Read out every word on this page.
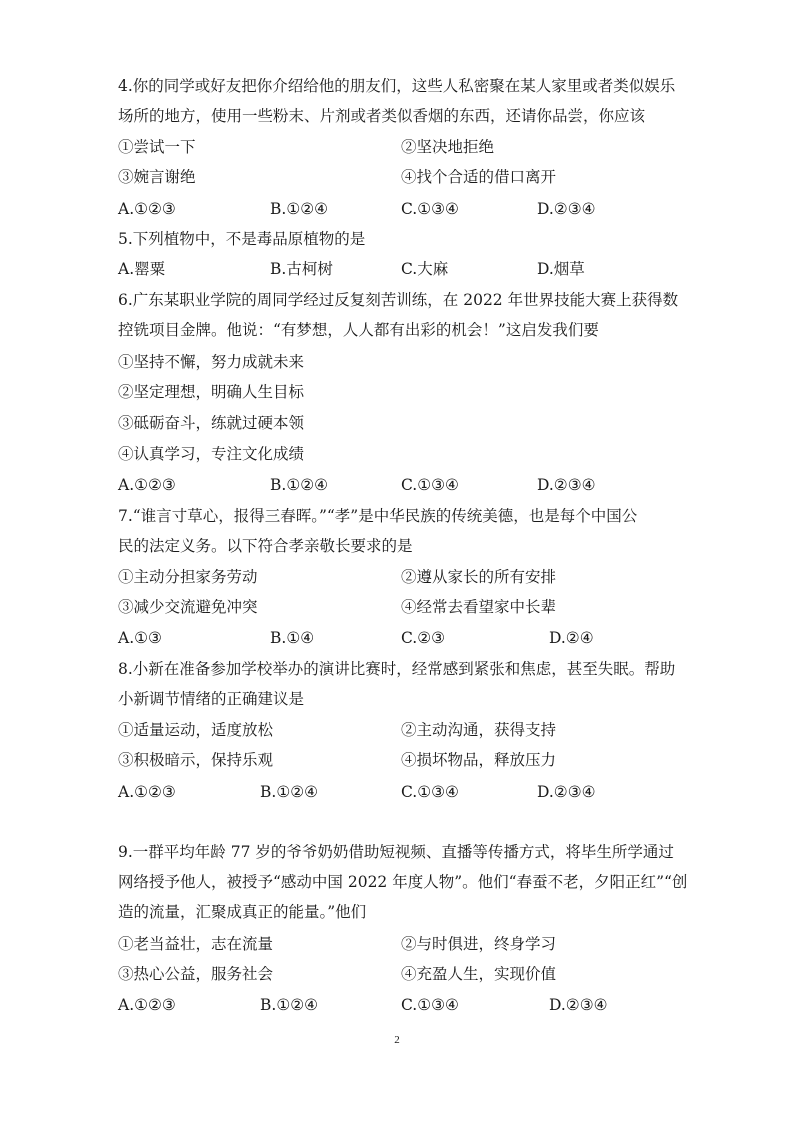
4.你的同学或好友把你介绍给他的朋友们，这些人私密聚在某人家里或者类似娱乐
场所的地方，使用一些粉末、片剂或者类似香烟的东西，还请你品尝，你应该
①尝试一下	②坚决地拒绝
③婉言谢绝	④找个合适的借口离开
A.①②③	B.①②④	C.①③④	D.②③④
5.下列植物中，不是毒品原植物的是
A.罂粟	B.古柯树	C.大麻	D.烟草
6.广东某职业学院的周同学经过反复刻苦训练，在 2022 年世界技能大赛上获得数
控铣项目金牌。他说：“有梦想，人人都有出彩的机会！”这启发我们要
①坚持不懈，努力成就未来
②坚定理想，明确人生目标
③砥砺奋斗，练就过硬本领
④认真学习，专注文化成绩
A.①②③	B.①②④	C.①③④	D.②③④
7.“谁言寸草心，报得三春晖。”“孝”是中华民族的传统美德，也是每个中国公
民的法定义务。以下符合孝亲敬长要求的是
①主动分担家务劳动	②遵从家长的所有安排
③减少交流避免冲突	④经常去看望家中长辈
A.①③	B.①④	C.②③	D.②④
8.小新在准备参加学校举办的演讲比赛时，经常感到紧张和焦虑，甚至失眠。帮助
小新调节情绪的正确建议是
①适量运动，适度放松	②主动沟通，获得支持
③积极暗示，保持乐观	④损坏物品，释放压力
A.①②③	B.①②④	C.①③④	D.②③④
9.一群平均年龄 77 岁的爷爷奶奶借助短视频、直播等传播方式，将毕生所学通过
网络授予他人，被授予“感动中国 2022 年度人物”。他们“春蚕不老，夕阳正红”“创
造的流量，汇聚成真正的能量。”他们
①老当益壮，志在流量	②与时俱进，终身学习
③热心公益，服务社会	④充盈人生，实现价值
A.①②③	B.①②④	C.①③④	D.②③④
2
